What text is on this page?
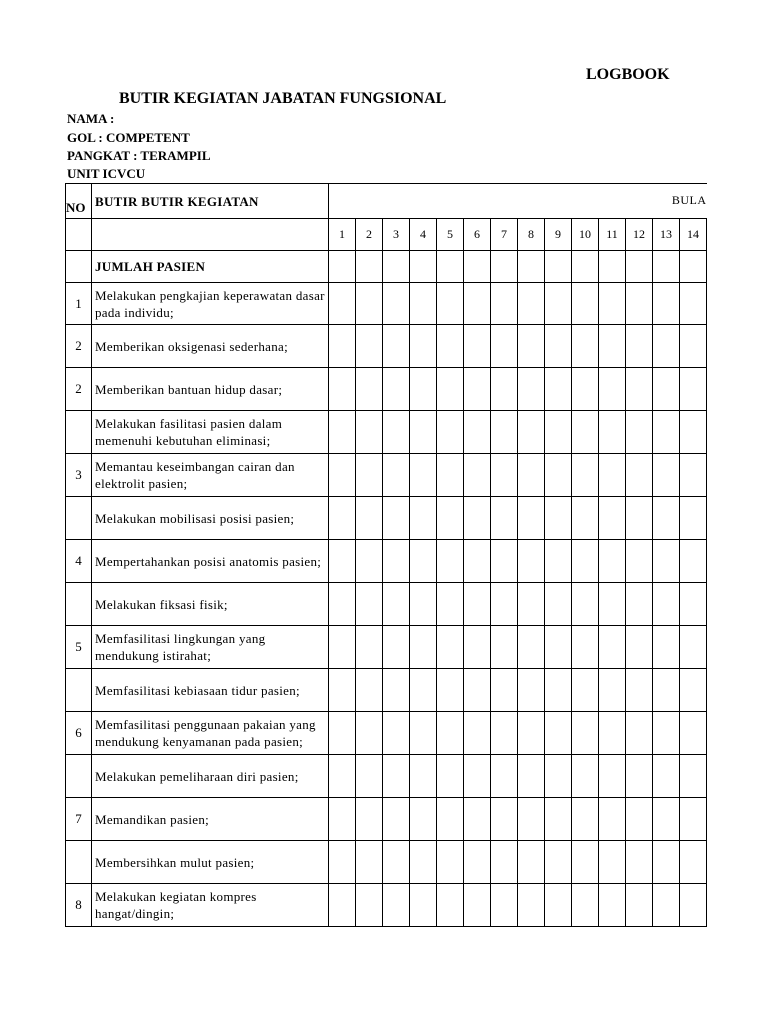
LOGBOOK
BUTIR KEGIATAN JABATAN FUNGSIONAL
NAMA :
GOL : COMPETENT
PANGKAT : TERAMPIL
UNIT ICVCU
NO	BUTIR BUTIR KEGIATAN	BULA													

		1	2	3	4	5	6	7	8	9	10	11	12	13	14
	JUMLAH PASIEN														
1	Melakukan pengkajian keperawatan dasar pada individu;														

2	Memberikan oksigenasi sederhana;														

2	Memberikan bantuan hidup dasar;														

	Melakukan fasilitasi pasien dalam memenuhi kebutuhan eliminasi;														

3	Memantau keseimbangan cairan dan elektrolit pasien;														

	Melakukan mobilisasi posisi pasien;														

4	Mempertahankan posisi anatomis pasien;														

	Melakukan fiksasi fisik;														

5	Memfasilitasi lingkungan yang mendukung istirahat;														

	Memfasilitasi kebiasaan tidur pasien;														

6	Memfasilitasi penggunaan pakaian yang mendukung kenyamanan pada pasien;														

	Melakukan pemeliharaan diri pasien;														

7	Memandikan pasien;														

	Membersihkan mulut pasien;														

8	Melakukan kegiatan kompres hangat/dingin;														
